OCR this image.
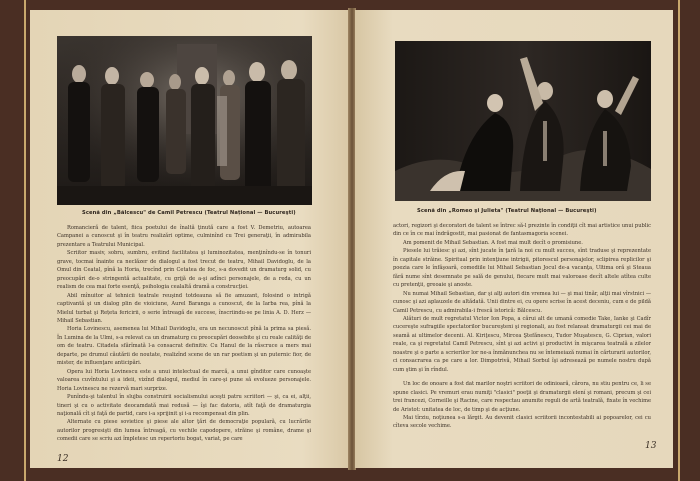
Scenă din „Bălcescu" de Camil Petrescu (Teatrul Național — Bucureşti)

Romancieră de talent, fiica poetului de înaltă ţinută care a fost V. Demetriu, autoarea Campanei a cunoscut şi în teatru realizări optime, culminînd cu Trei generaţii, în admirabila prezentare a Teatrului Municipal.

Scriitor masiv, sobru, sumbru, evitind facilitatea şi luminozitatea, menţinîndu-se în tonuri grave, tocmai înainte ca neclăzer de dialogul a fost trecut de teatru, Mihail Davidoglu, de la Omul din Ceatal, pînă la Horia, trecînd prin Cetatea de foc, s-a dovedit un dramaturg solid, cu preocupări de-o stringentă actualitate, cu grijă de a-şi adînci personajele, de a reda, cu un realism de cea mai forte esenţă, psihologia cealaltă dramă a construcţiei.

Abil mînuitor al tehnicii teatrale reuşind totdeauna să fie amuzant, folosind o intrigă captivantă şi un dialog plin de vioiciune, Aurel Baranga a cunoscut, de la Iarba rea, pînă la Mielul turbat şi Rețeta fericirii, o serie întreagă de succese, înscriindu-se pe linia A. D. Herz — Mihail Sebastian.

Horia Lovinescu, asemenea lui Mihail Davidoglu, era un necunoscut pînă la prima sa piesă. În Lumina de la Ulmi, s-a relevat ca un dramaturg cu preocupări deosebite şi cu reale calităţi de om de teatru. Citadela sfărîmată l-a consacrat definitiv. Cu Hanul de la răscruce a mers mai departe, pe drumul căutării de noutate, realizînd scene de un rar poetism şi un puternic fior, de mister, de influenţare anticipări.

Opera lui Horia Lovinescu este a unui intelectual de marcă, a unui gînditor care cunoaşte valoarea cuvîntului şi a ideii, vizînd dialogul, mediul în care-şi pune să evolueze personajele. Horia Lovinescu ne rezervă mari surprize.

Punîndu-şi talentul în slujba construirii socialismului aceşti patru scriitori — şi, ca ei, alţii, tineri şi cu o activitate deocamdată mai redusă — îşi fac datoria, atît faţă de dramaturgia naţională cît şi faţă de partid, care i-a sprijinit şi i-a recompensat din plin.

Alternate cu piese sovietice şi piese ale altor ţări de democraţie populară, cu lucrările autorilor progresişti din lumea întreagă, cu vechile capodopere, străine şi române, drame şi comedii care se scriu azi împletesc un repertoriu bogat, variat, pe care

12
Scenă din „Romeo şi Julieta" (Teatrul Naţional — Bucureşti)

actori, regizori şi decoratori de talent se întrec să-l prezinte în condiţii cît mai artistice unui public din ce în ce mai îndrăgostit, mai pasionat de fantasmagoria scenei.

Am pomenit de Mihail Sebastian. A fost mai mult decît o promisiune.

Piesele lui trăiesc şi azi, sînt jucate în ţară la noi cu mult succes, sînt traduse şi reprezentate în capitale străine. Spiritual prin intenţiune intrigii, pitorescul personajelor, sclipirea replicilor şi poezia care le înfăşoară, comediile lui Mihail Sebastian Jocul de-a vacanţa, Ultima oră şi Steaua fără nume sînt desemnate pe sală de genului, fiecare mult mai valoroase decît altele atîtea culte cu pretenţii, greoaie şi anoste.

Nu numai Mihail Sebastian, dar şi alţi autori din vremea lui — şi mai tinăr, alţii mai vîrstnici — cunosc şi azi aplauzele de altădată. Unii dintre ei, cu opere scrise în acest deceniu, cum e de pildă Camil Petrescu, cu admirabila-i frescă istorică: Bălcescu.

Alături de mult regretatul Victor Ion Popa, a cărui alt de umană comedie Take, Ianke şi Cadîr cucereşte sufragiile spectatorilor bucureşteni şi regionali, au fost relansat dramaturgii cei mai de seamă ai ultimelor decenii. Al. Kiriţescu, Mircea Ştefănescu, Tudor Muşatescu, G. Ciprian, valori reale, ca şi regretatul Camil Petrescu, sînt şi azi activi şi productivi în mişcarea teatrală a zilelor noastre şi o parte a scrierilor lor ne-a înmănunchea nu se întemeiază numai în cărturarii autorilor, ci consacrarea ca pe care a lor. Dimpotrivă, Mihail Sorbul îşi adresează pe numele nostru după cum ştim şi în rîndul.

Un loc de onoare a fost dat marilor noştri scriitori de odinioară, cărora, nu stiu pentru ce, li se spune clasici. Pe vremuri erau numiţi "clasici" poeţii şi dramaturgii elení şi romani, precum şi cei trei francezi, Corneille şi Racine, care respectau anumite reguli de artă teatrală, fixate în vechime de Aristot: unitatea de loc, de timp şi de acţiune.

Mai tîrziu, noţiunea s-a lărgit. Au devenit clasici scriitorii incontestabili ai popoarelor, cei cu cîteva secole vechime.

13
